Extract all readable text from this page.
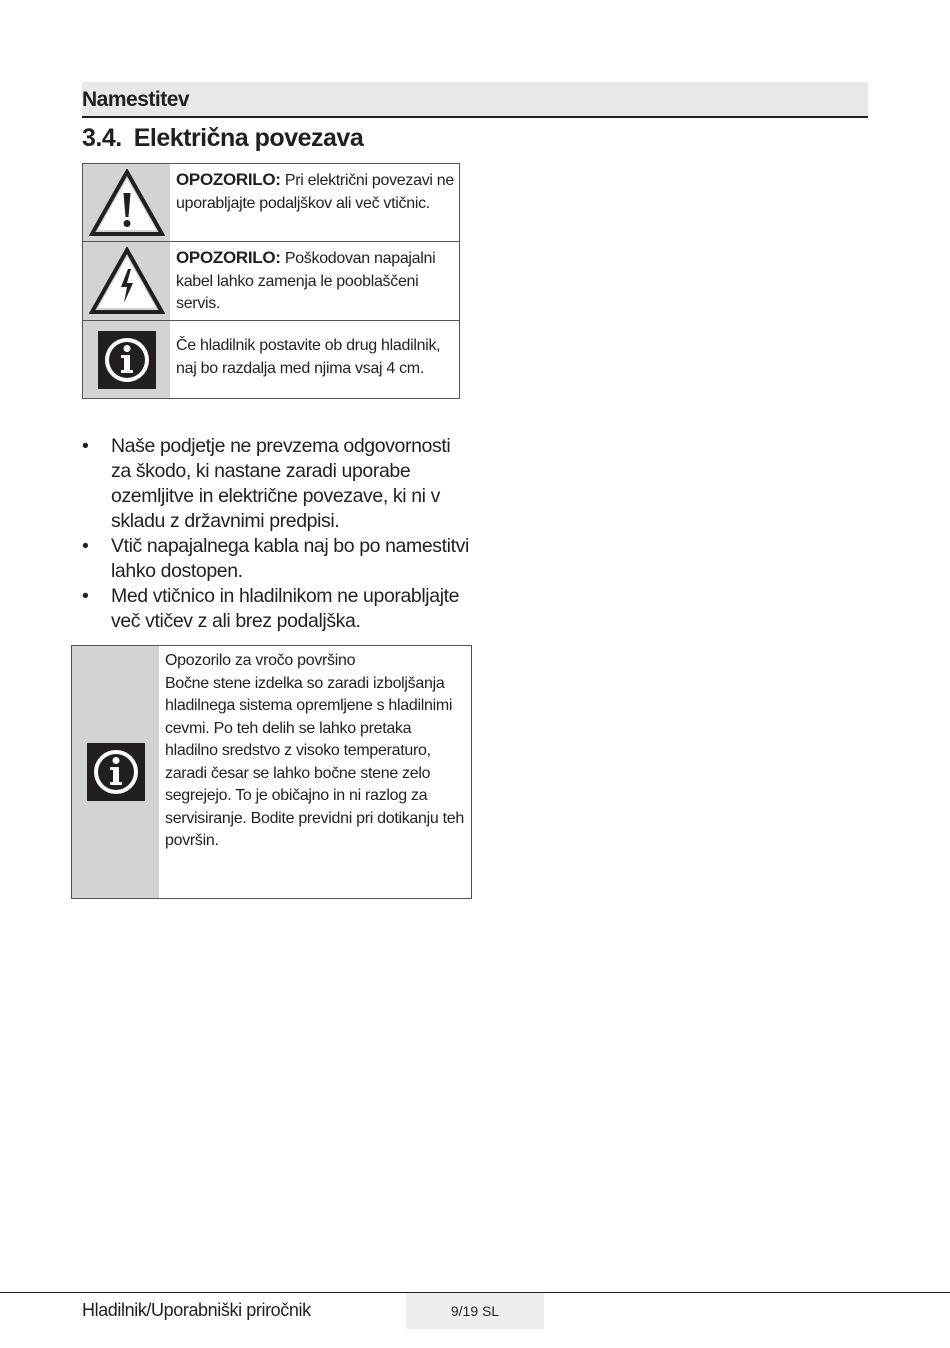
Namestitev
3.4. Električna povezava
OPOZORILO: Pri električni povezavi ne uporabljajte podaljškov ali več vtičnic.
OPOZORILO: Poškodovan napajalni kabel lahko zamenja le pooblaščeni servis.
Če hladilnik postavite ob drug hladilnik, naj bo razdalja med njima vsaj 4 cm.
• Naše podjetje ne prevzema odgovornosti za škodo, ki nastane zaradi uporabe ozemljitve in električne povezave, ki ni v skladu z državnimi predpisi.
• Vtič napajalnega kabla naj bo po namestitvi lahko dostopen.
• Med vtičnico in hladilnikom ne uporabljajte več vtičev z ali brez podaljška.
Opozorilo za vročo površino
Bočne stene izdelka so zaradi izboljšanja hladilnega sistema opremljene s hladilnimi cevmi. Po teh delih se lahko pretaka hladilno sredstvo z visoko temperaturo, zaradi česar se lahko bočne stene zelo segrejejo. To je običajno in ni razlog za servisiranje. Bodite previdni pri dotikanju teh površin.
Hladilnik/Uporabniški priročnik	9/19 SL
